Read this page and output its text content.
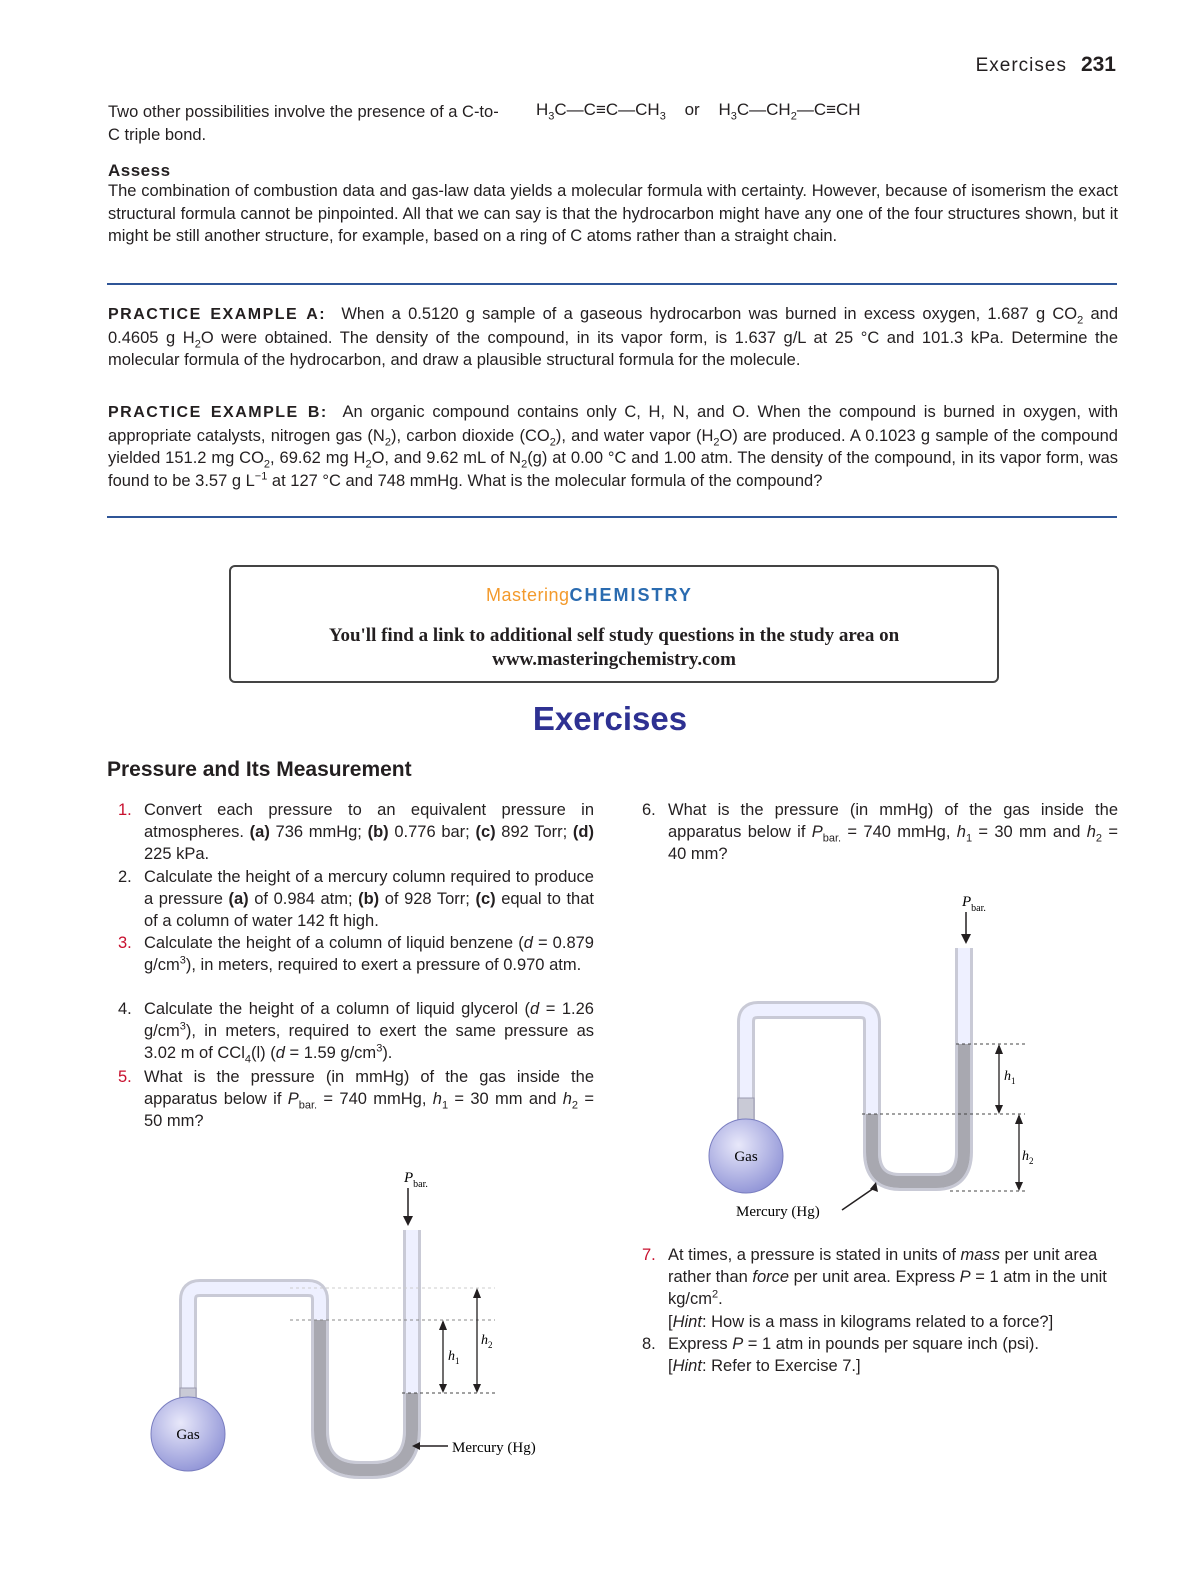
Exercises 231
Two other possibilities involve the presence of a C-to-C triple bond.
$H_3C—C\equiv C—CH_3$ or $H_3C—CH_2—C\equiv CH$
Assess
The combination of combustion data and gas-law data yields a molecular formula with certainty. However, because of isomerism the exact structural formula cannot be pinpointed. All that we can say is that the hydrocarbon might have any one of the four structures shown, but it might be still another structure, for example, based on a ring of C atoms rather than a straight chain.
PRACTICE EXAMPLE A: When a 0.5120 g sample of a gaseous hydrocarbon was burned in excess oxygen, 1.687 g $CO_2$ and 0.4605 g $H_2O$ were obtained. The density of the compound, in its vapor form, is 1.637 g/L at 25 °C and 101.3 kPa. Determine the molecular formula of the hydrocarbon, and draw a plausible structural formula for the molecule.
PRACTICE EXAMPLE B: An organic compound contains only C, H, N, and O. When the compound is burned in oxygen, with appropriate catalysts, nitrogen gas $(N_2)$, carbon dioxide $(CO_2)$, and water vapor $(H_2O)$ are produced. A 0.1023 g sample of the compound yielded 151.2 mg $CO_2$, 69.62 mg $H_2O$, and 9.62 mL of $N_2(g)$ at 0.00 °C and 1.00 atm. The density of the compound, in its vapor form, was found to be 3.57 g $L^{-1}$ at 127 °C and 748 mmHg. What is the molecular formula of the compound?
MasteringCHEMISTRY
You'll find a link to additional self study questions in the study area on
www.masteringchemistry.com
Exercises
Pressure and Its Measurement
1. Convert each pressure to an equivalent pressure in atmospheres. (a) 736 mmHg; (b) 0.776 bar; (c) 892 Torr; (d) 225 kPa.
2. Calculate the height of a mercury column required to produce a pressure (a) of 0.984 atm; (b) of 928 Torr; (c) equal to that of a column of water 142 ft high.
3. Calculate the height of a column of liquid benzene (d = 0.879 $g/cm^3$), in meters, required to exert a pressure of 0.970 atm.
4. Calculate the height of a column of liquid glycerol (d = 1.26 $g/cm^3$), in meters, required to exert the same pressure as 3.02 m of CCl$_4$(l) (d = 1.59 $g/cm^3$).
5. What is the pressure (in mmHg) of the gas inside the apparatus below if $P_{bar.} = 740$ mmHg, $h_1 = 30$ mm and $h_2 = 50$ mm?
6. What is the pressure (in mmHg) of the gas inside the apparatus below if $P_{bar.} = 740$ mmHg, $h_1 = 30$ mm and $h_2 = 40$ mm?
7. At times, a pressure is stated in units of mass per unit area rather than force per unit area. Express P = 1 atm in the unit $kg/cm^2$.
[Hint: How is a mass in kilograms related to a force?]
8. Express P = 1 atm in pounds per square inch (psi).
[Hint: Refer to Exercise 7.]
$P_{bar.}$
$h_1$
$h_2$
Gas
Mercury (Hg)
$P_{bar.}$
$h_1$
$h_2$
Gas
Mercury (Hg)
